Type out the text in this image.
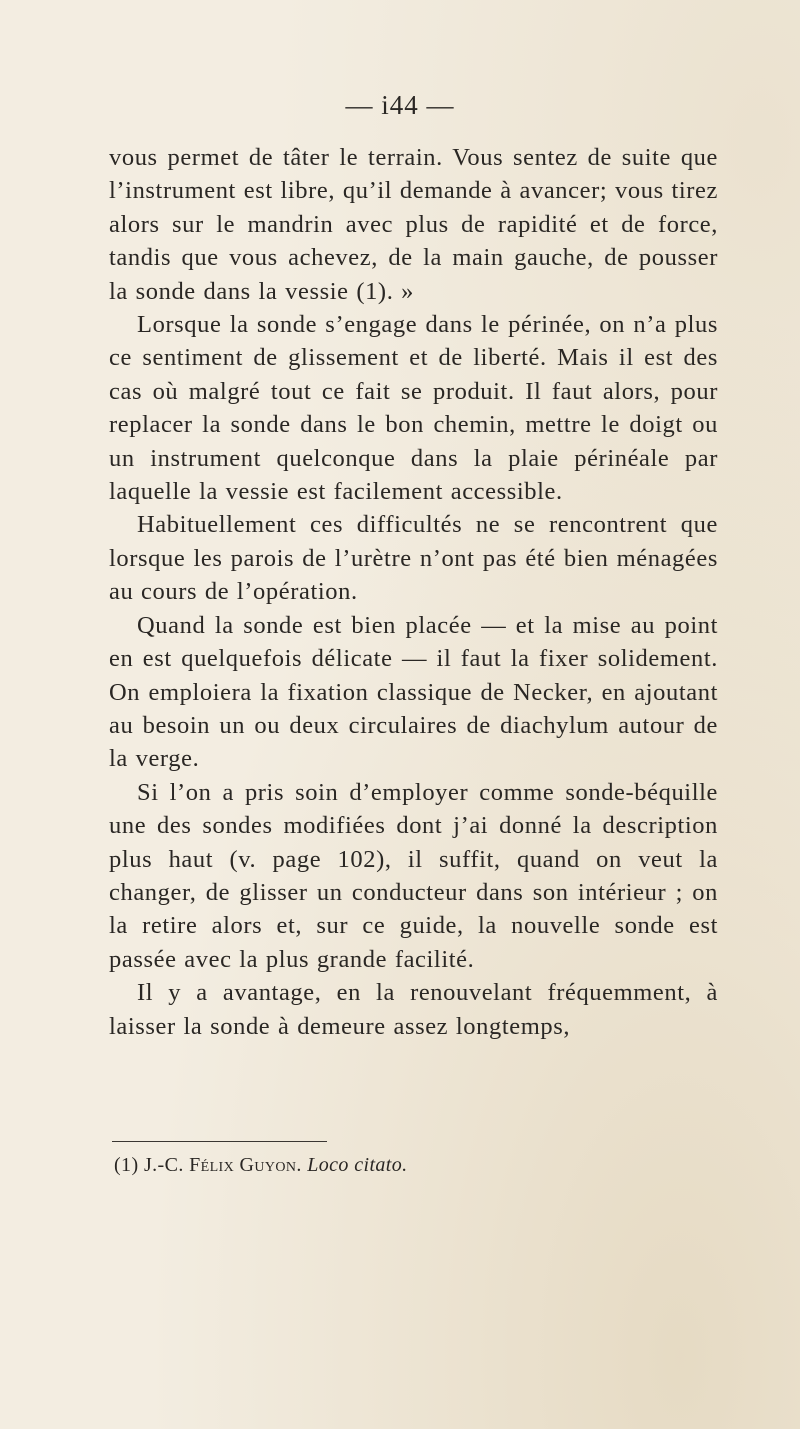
— i44 —

vous permet de tâter le terrain. Vous sentez de suite que l’instrument est libre, qu’il demande à avancer; vous tirez alors sur le mandrin avec plus de rapidité et de force, tandis que vous achevez, de la main gauche, de pousser la sonde dans la vessie (1). »

Lorsque la sonde s’engage dans le périnée, on n’a plus ce sentiment de glissement et de liberté. Mais il est des cas où malgré tout ce fait se produit. Il faut alors, pour replacer la sonde dans le bon chemin, mettre le doigt ou un instrument quelconque dans la plaie périnéale par laquelle la vessie est facilement accessible.

Habituellement ces difficultés ne se rencontrent que lorsque les parois de l’urètre n’ont pas été bien ménagées au cours de l’opération.

Quand la sonde est bien placée — et la mise au point en est quelquefois délicate — il faut la fixer solidement. On emploiera la fixation classique de Necker, en ajoutant au besoin un ou deux circulaires de diachylum autour de la verge.

Si l’on a pris soin d’employer comme sonde-béquille une des sondes modifiées dont j’ai donné la description plus haut (v. page 102), il suffit, quand on veut la changer, de glisser un conducteur dans son intérieur ; on la retire alors et, sur ce guide, la nouvelle sonde est passée avec la plus grande facilité.

Il y a avantage, en la renouvelant fréquemment, à laisser la sonde à demeure assez longtemps,

(1) J.-C. Félix Guyon. Loco citato.
